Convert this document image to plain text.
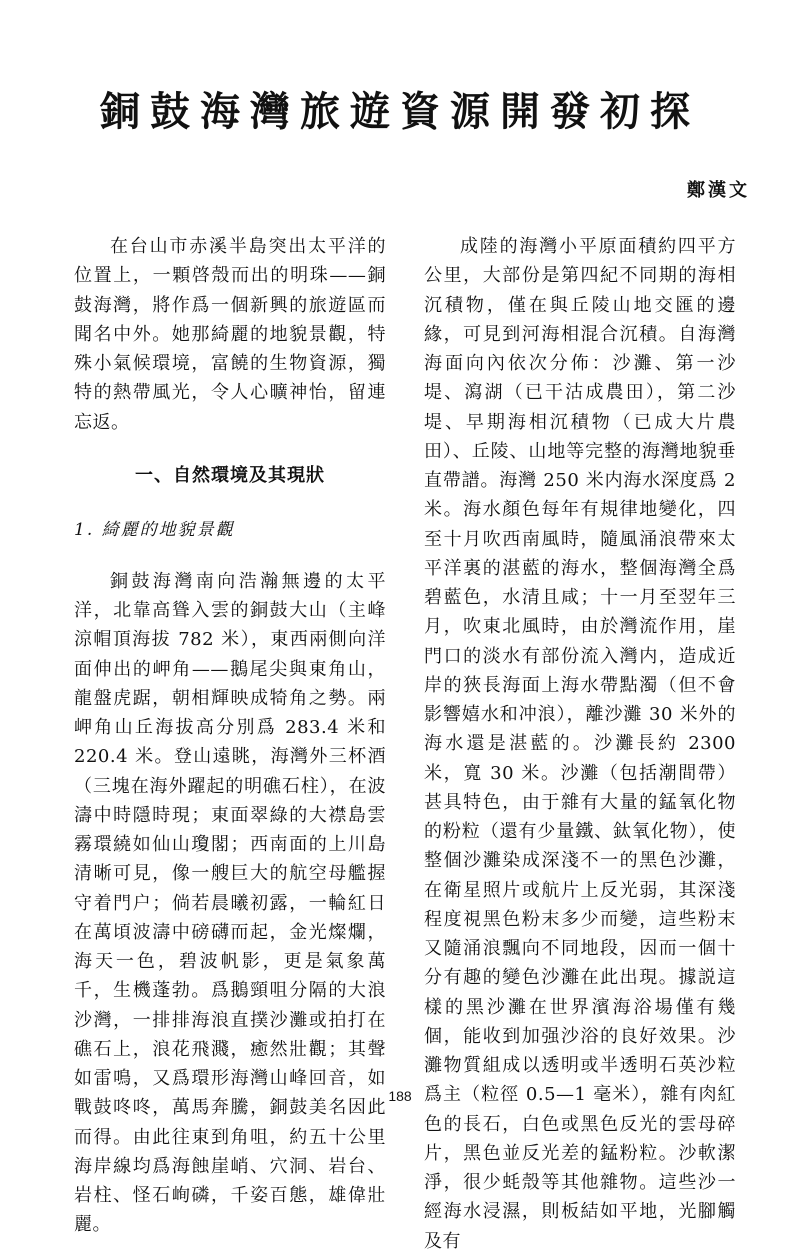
銅鼓海灣旅遊資源開發初探
鄭漢文

在台山市赤溪半島突出太平洋的位置上，一顆啓殼而出的明珠——銅鼓海灣，將作爲一個新興的旅遊區而聞名中外。她那綺麗的地貌景觀，特殊小氣候環境，富饒的生物資源，獨特的熱帶風光，令人心曠神怡，留連忘返。

一、自然環境及其現狀
1. 綺麗的地貌景觀

銅鼓海灣南向浩瀚無邊的太平洋，北靠高聳入雲的銅鼓大山（主峰涼帽頂海拔 782 米），東西兩側向洋面伸出的岬角——鵝尾尖與東角山，龍盤虎踞，朝相輝映成犄角之勢。兩岬角山丘海拔高分別爲 283.4 米和 220.4 米。登山遠眺，海灣外三杯酒（三塊在海外躍起的明礁石柱），在波濤中時隱時現；東面翠綠的大襟島雲霧環繞如仙山瓊閣；西南面的上川島清晰可見，像一艘巨大的航空母艦握守着門户；倘若晨曦初露，一輪紅日在萬頃波濤中磅礴而起，金光燦爛，海天一色，碧波帆影，更是氣象萬千，生機蓬勃。爲鵝頸咀分隔的大浪沙灣，一排排海浪直撲沙灘或拍打在礁石上，浪花飛濺，癒然壯觀；其聲如雷鳴，又爲環形海灣山峰回音，如戰鼓咚咚，萬馬奔騰，銅鼓美名因此而得。由此往東到角咀，約五十公里海岸線均爲海蝕崖峭、穴洞、岩台、岩柱、怪石峋磷，千姿百態，雄偉壯麗。

成陸的海灣小平原面積約四平方公里，大部份是第四紀不同期的海相沉積物，僅在與丘陵山地交匯的邊緣，可見到河海相混合沉積。自海灣海面向內依次分佈：沙灘、第一沙堤、瀉湖（已干沽成農田），第二沙堤、早期海相沉積物（已成大片農田）、丘陵、山地等完整的海灣地貌垂直帶譜。海灣 250 米内海水深度爲 2 米。海水顏色每年有規律地變化，四至十月吹西南風時，隨風涌浪帶來太平洋裏的湛藍的海水，整個海灣全爲碧藍色，水清且咸；十一月至翌年三月，吹東北風時，由於灣流作用，崖門口的淡水有部份流入灣内，造成近岸的狹長海面上海水帶點濁（但不會影響嬉水和冲浪），離沙灘 30 米外的海水還是湛藍的。沙灘長約 2300 米，寬 30 米。沙灘（包括潮間帶）甚具特色，由于雜有大量的錳氧化物的粉粒（還有少量鐵、鈦氧化物），使整個沙灘染成深淺不一的黑色沙灘，在衛星照片或航片上反光弱，其深淺程度視黑色粉末多少而變，這些粉末又隨涌浪飄向不同地段，因而一個十分有趣的變色沙灘在此出現。據説這樣的黑沙灘在世界濱海浴場僅有幾個，能收到加强沙浴的良好效果。沙灘物質組成以透明或半透明石英沙粒爲主（粒徑 0.5—1 毫米），雜有肉紅色的長石，白色或黑色反光的雲母碎片，黑色並反光差的錳粉粒。沙軟潔淨，很少蚝殼等其他雜物。這些沙一經海水浸濕，則板結如平地，光腳觸及有

188
